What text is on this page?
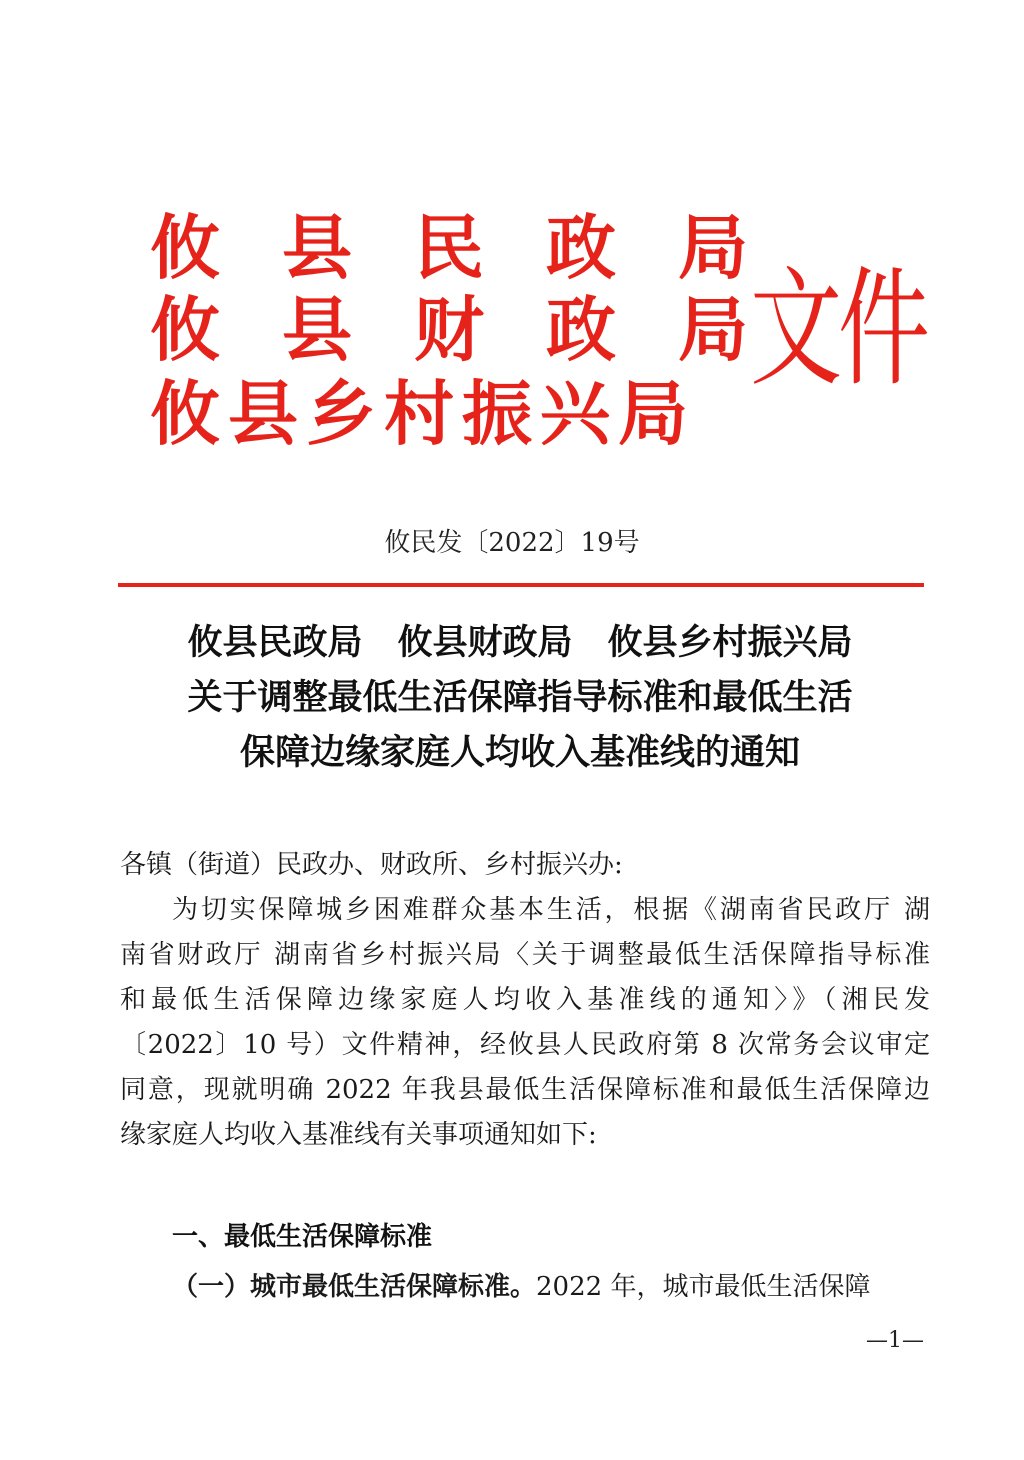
攸县民政局
攸县财政局
攸县乡村振兴局
文件
攸民发〔2022〕19号
攸县民政局　攸县财政局　攸县乡村振兴局
关于调整最低生活保障指导标准和最低生活
保障边缘家庭人均收入基准线的通知
各镇（街道）民政办、财政所、乡村振兴办:
为切实保障城乡困难群众基本生活，根据《湖南省民政厅 湖
南省财政厅 湖南省乡村振兴局〈关于调整最低生活保障指导标准
和最低生活保障边缘家庭人均收入基准线的通知〉》（湘民发
〔2022〕10 号）文件精神，经攸县人民政府第 8 次常务会议审定
同意，现就明确 2022 年我县最低生活保障标准和最低生活保障边
缘家庭人均收入基准线有关事项通知如下:
一、最低生活保障标准
（一）城市最低生活保障标准。2022 年，城市最低生活保障
—1—
